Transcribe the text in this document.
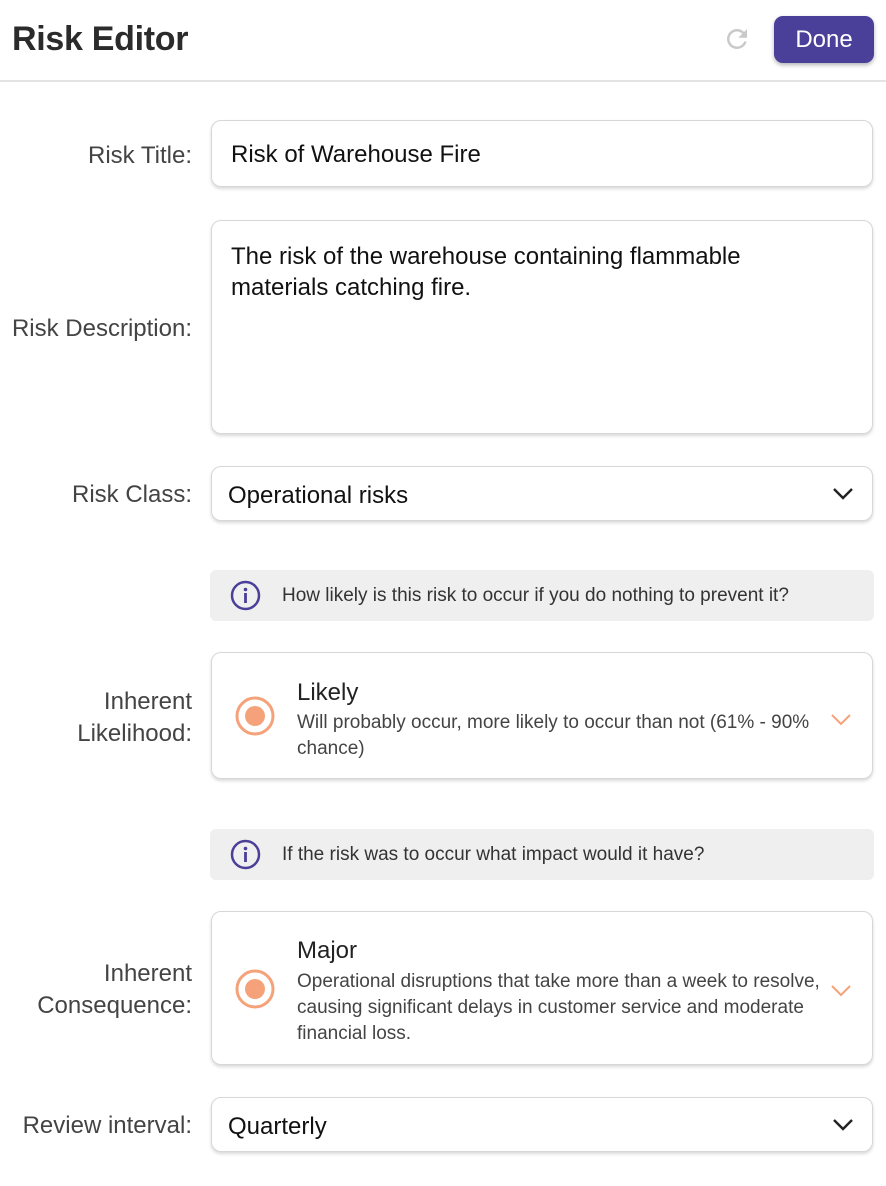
Risk Editor	Done
Risk Title: Risk of Warehouse Fire
Risk Description:
The risk of the warehouse containing flammable materials catching fire.
Risk Class: Operational risks
How likely is this risk to occur if you do nothing to prevent it?
Inherent
Likelihood:
Likely
Will probably occur, more likely to occur than not (61% - 90% chance)
If the risk was to occur what impact would it have?
Inherent
Consequence:
Major
Operational disruptions that take more than a week to resolve, causing significant delays in customer service and moderate financial loss.
Review interval: Quarterly
